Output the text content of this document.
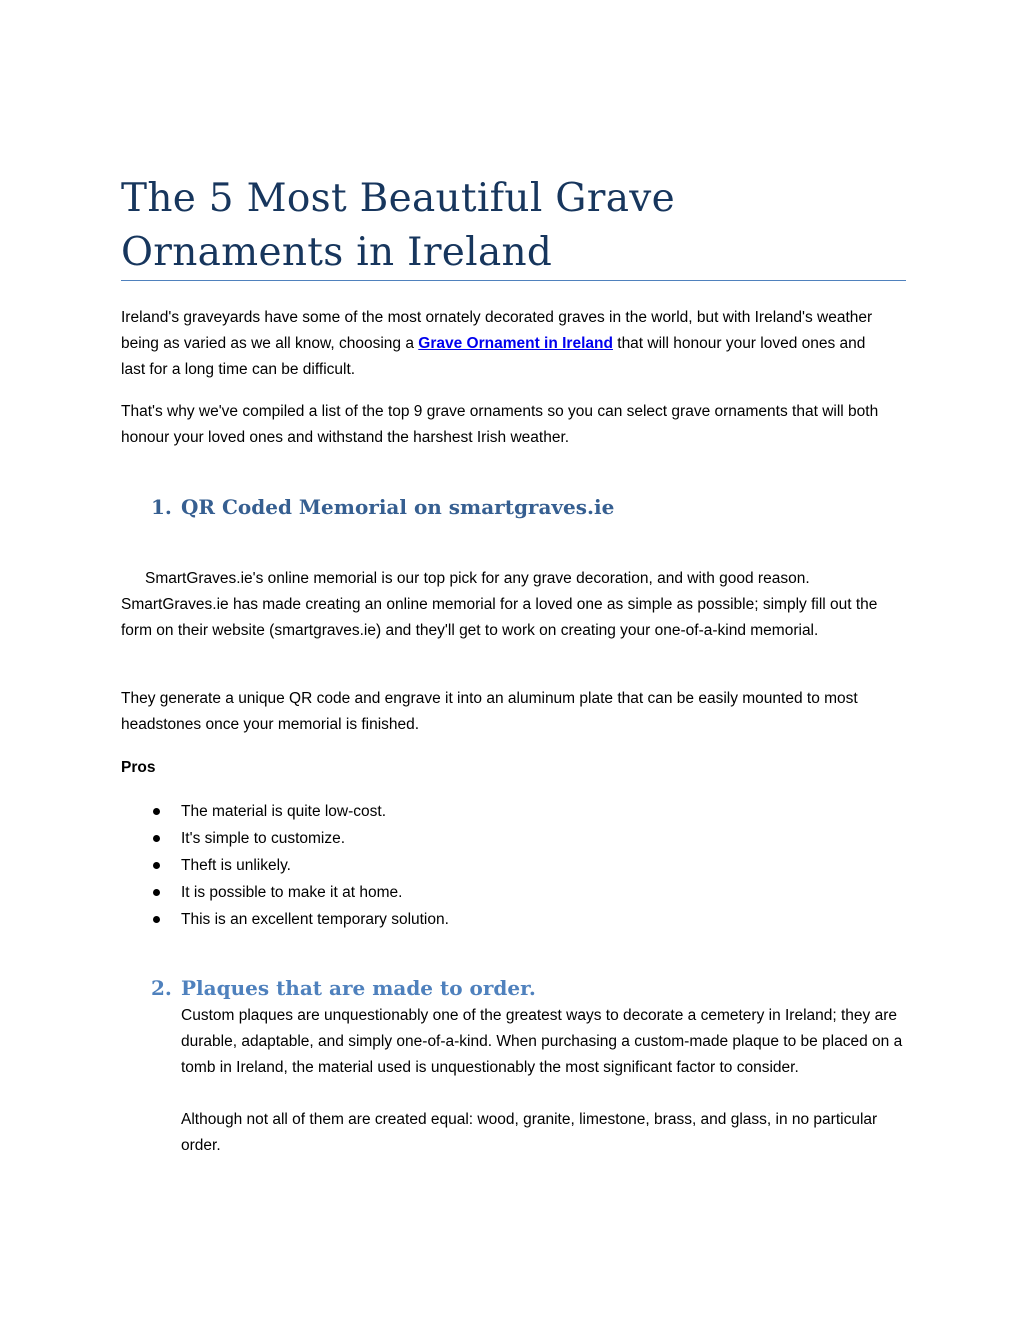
The 5 Most Beautiful Grave Ornaments in Ireland

Ireland's graveyards have some of the most ornately decorated graves in the world, but with Ireland's weather being as varied as we all know, choosing a Grave Ornament in Ireland that will honour your loved ones and last for a long time can be difficult.

That's why we've compiled a list of the top 9 grave ornaments so you can select grave ornaments that will both honour your loved ones and withstand the harshest Irish weather.

1. QR Coded Memorial on smartgraves.ie

SmartGraves.ie's online memorial is our top pick for any grave decoration, and with good reason. SmartGraves.ie has made creating an online memorial for a loved one as simple as possible; simply fill out the form on their website (smartgraves.ie) and they'll get to work on creating your one-of-a-kind memorial.

They generate a unique QR code and engrave it into an aluminum plate that can be easily mounted to most headstones once your memorial is finished.

Pros

The material is quite low-cost.
It's simple to customize.
Theft is unlikely.
It is possible to make it at home.
This is an excellent temporary solution.
2. Plaques that are made to order.

Custom plaques are unquestionably one of the greatest ways to decorate a cemetery in Ireland; they are durable, adaptable, and simply one-of-a-kind. When purchasing a custom-made plaque to be placed on a tomb in Ireland, the material used is unquestionably the most significant factor to consider.

Although not all of them are created equal: wood, granite, limestone, brass, and glass, in no particular order.
